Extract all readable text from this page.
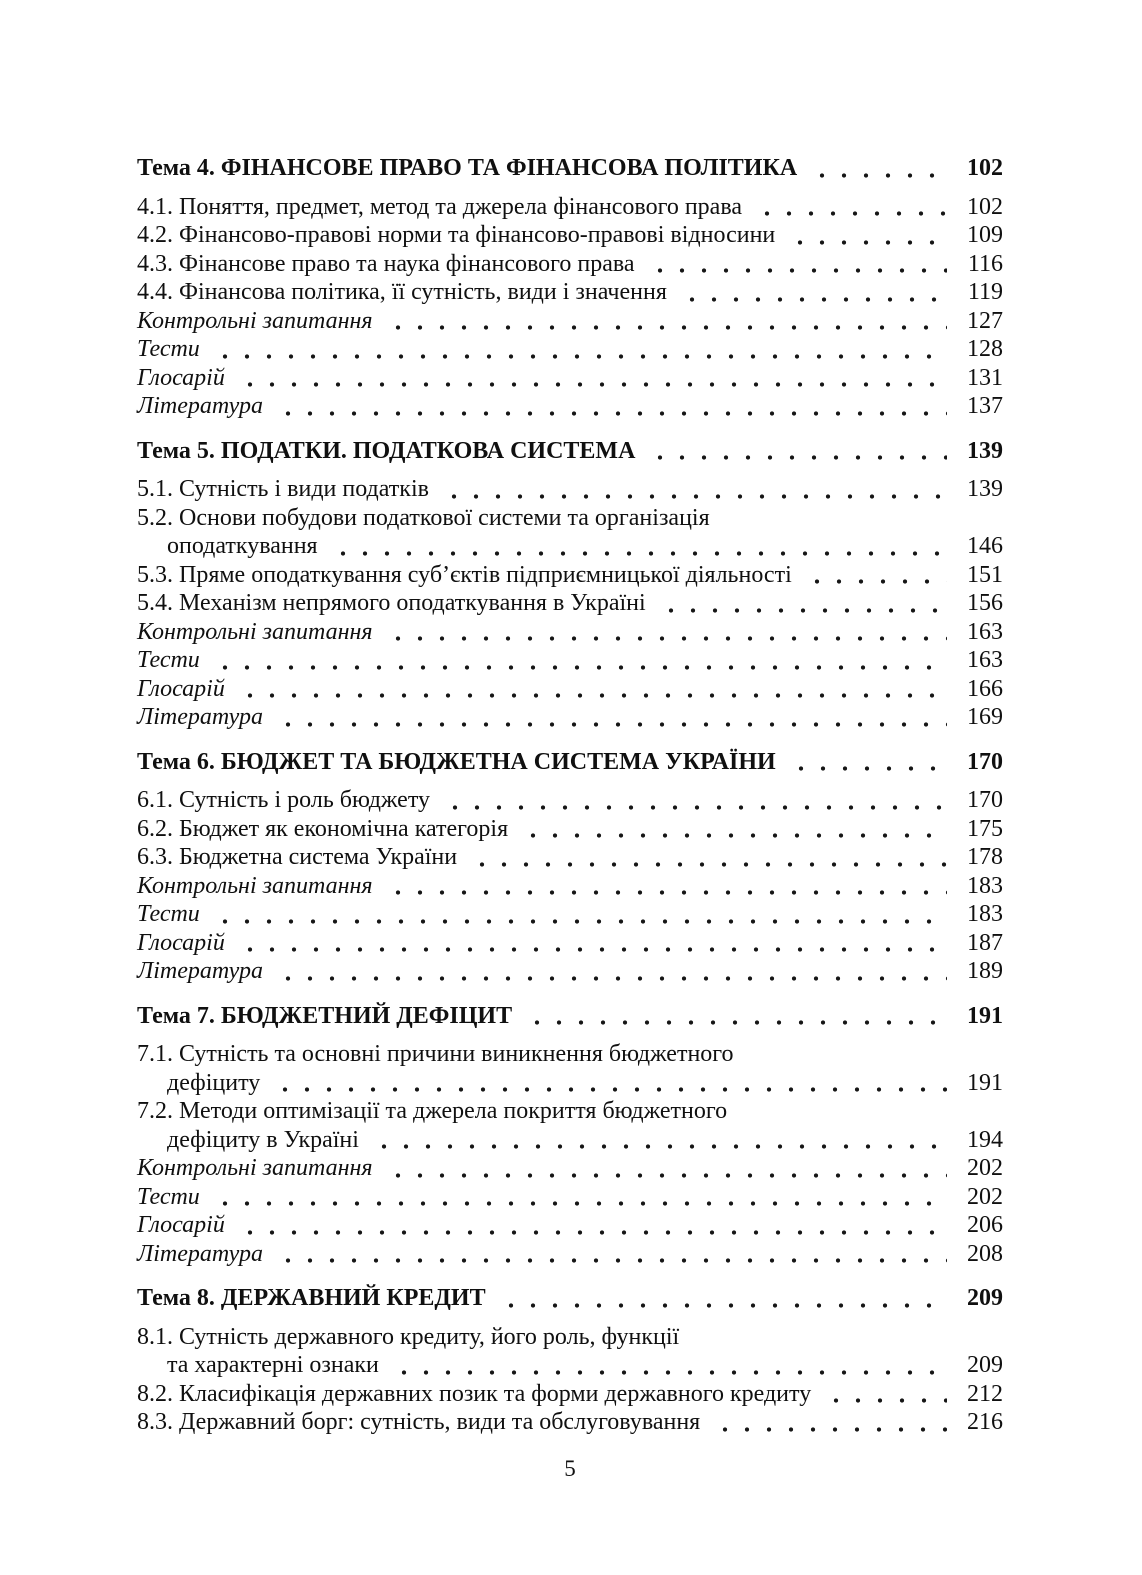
Тема 4. ФІНАНСОВЕ ПРАВО ТА ФІНАНСОВА ПОЛІТИКА	102
4.1. Поняття, предмет, метод та джерела фінансового права	102
4.2. Фінансово-правові норми та фінансово-правові відносини	109
4.3. Фінансове право та наука фінансового права	116
4.4. Фінансова політика, її сутність, види і значення	119
Контрольні запитання	127
Тести	128
Глосарій	131
Література	137
Тема 5. ПОДАТКИ. ПОДАТКОВА СИСТЕМА	139
5.1. Сутність і види податків	139
5.2. Основи побудови податкової системи та організація
оподаткування	146
5.3. Пряме оподаткування суб’єктів підприємницької діяльності	151
5.4. Механізм непрямого оподаткування в Україні	156
Контрольні запитання	163
Тести	163
Глосарій	166
Література	169
Тема 6. БЮДЖЕТ ТА БЮДЖЕТНА СИСТЕМА УКРАЇНИ	170
6.1. Сутність і роль бюджету	170
6.2. Бюджет як економічна категорія	175
6.3. Бюджетна система України	178
Контрольні запитання	183
Тести	183
Глосарій	187
Література	189
Тема 7. БЮДЖЕТНИЙ ДЕФІЦИТ	191
7.1. Сутність та основні причини виникнення бюджетного
дефіциту	191
7.2. Методи оптимізації та джерела покриття бюджетного
дефіциту в Україні	194
Контрольні запитання	202
Тести	202
Глосарій	206
Література	208
Тема 8. ДЕРЖАВНИЙ КРЕДИТ	209
8.1. Сутність державного кредиту, його роль, функції
та характерні ознаки	209
8.2. Класифікація державних позик та форми державного кредиту	212
8.3. Державний борг: сутність, види та обслуговування	216
5
